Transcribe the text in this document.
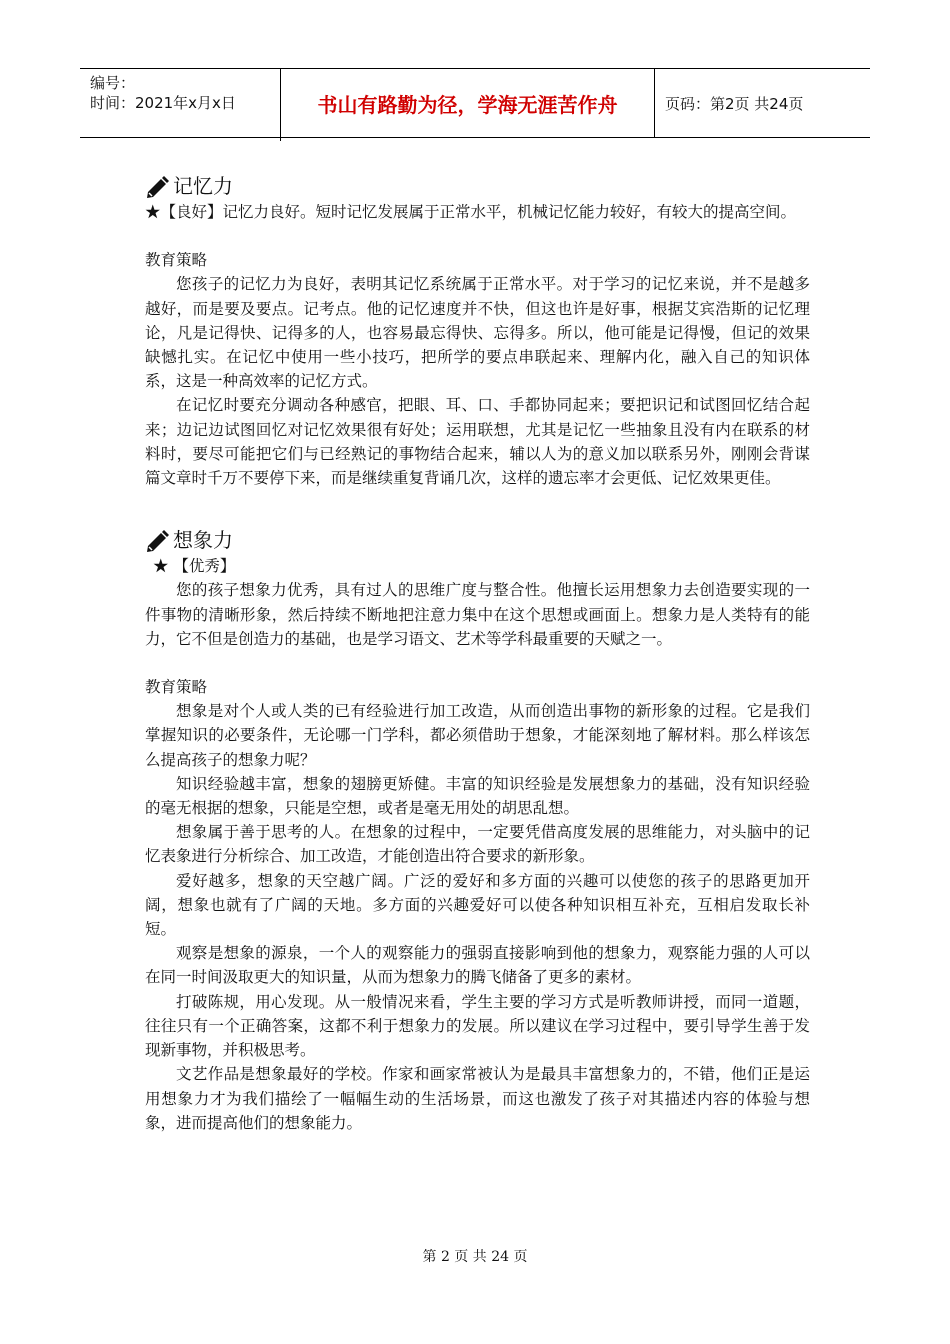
编号：
时间：2021年x月x日	书山有路勤为径，学海无涯苦作舟	页码：第2页 共24页
记忆力

★【良好】记忆力良好。短时记忆发展属于正常水平，机械记忆能力较好，有较大的提高空间。

教育策略

您孩子的记忆力为良好，表明其记忆系统属于正常水平。对于学习的记忆来说，并不是越多越好，而是要及要点。记考点。他的记忆速度并不快，但这也许是好事，根据艾宾浩斯的记忆理论，凡是记得快、记得多的人，也容易最忘得快、忘得多。所以，他可能是记得慢，但记的效果缺憾扎实。在记忆中使用一些小技巧，把所学的要点串联起来、理解内化，融入自己的知识体系，这是一种高效率的记忆方式。

在记忆时要充分调动各种感官，把眼、耳、口、手都协同起来；要把识记和试图回忆结合起来；边记边试图回忆对记忆效果很有好处；运用联想，尤其是记忆一些抽象且没有内在联系的材料时，要尽可能把它们与已经熟记的事物结合起来，辅以人为的意义加以联系另外，刚刚会背谋篇文章时千万不要停下来，而是继续重复背诵几次，这样的遗忘率才会更低、记忆效果更佳。

想象力

★ 【优秀】

您的孩子想象力优秀，具有过人的思维广度与整合性。他擅长运用想象力去创造要实现的一件事物的清晰形象，然后持续不断地把注意力集中在这个思想或画面上。想象力是人类特有的能力，它不但是创造力的基础，也是学习语文、艺术等学科最重要的天赋之一。

教育策略

想象是对个人或人类的已有经验进行加工改造，从而创造出事物的新形象的过程。它是我们掌握知识的必要条件，无论哪一门学科，都必须借助于想象，才能深刻地了解材料。那么样该怎么提高孩子的想象力呢？

知识经验越丰富，想象的翅膀更矫健。丰富的知识经验是发展想象力的基础，没有知识经验的毫无根据的想象，只能是空想，或者是毫无用处的胡思乱想。

想象属于善于思考的人。在想象的过程中，一定要凭借高度发展的思维能力，对头脑中的记忆表象进行分析综合、加工改造，才能创造出符合要求的新形象。

爱好越多，想象的天空越广阔。广泛的爱好和多方面的兴趣可以使您的孩子的思路更加开阔，想象也就有了广阔的天地。多方面的兴趣爱好可以使各种知识相互补充，互相启发取长补短。

观察是想象的源泉，一个人的观察能力的强弱直接影响到他的想象力，观察能力强的人可以在同一时间汲取更大的知识量，从而为想象力的腾飞储备了更多的素材。

打破陈规，用心发现。从一般情况来看，学生主要的学习方式是听教师讲授，而同一道题，往往只有一个正确答案，这都不利于想象力的发展。所以建议在学习过程中，要引导学生善于发现新事物，并积极思考。

文艺作品是想象最好的学校。作家和画家常被认为是最具丰富想象力的，不错，他们正是运用想象力才为我们描绘了一幅幅生动的生活场景，而这也激发了孩子对其描述内容的体验与想象，进而提高他们的想象能力。

第 2 页 共 24 页
